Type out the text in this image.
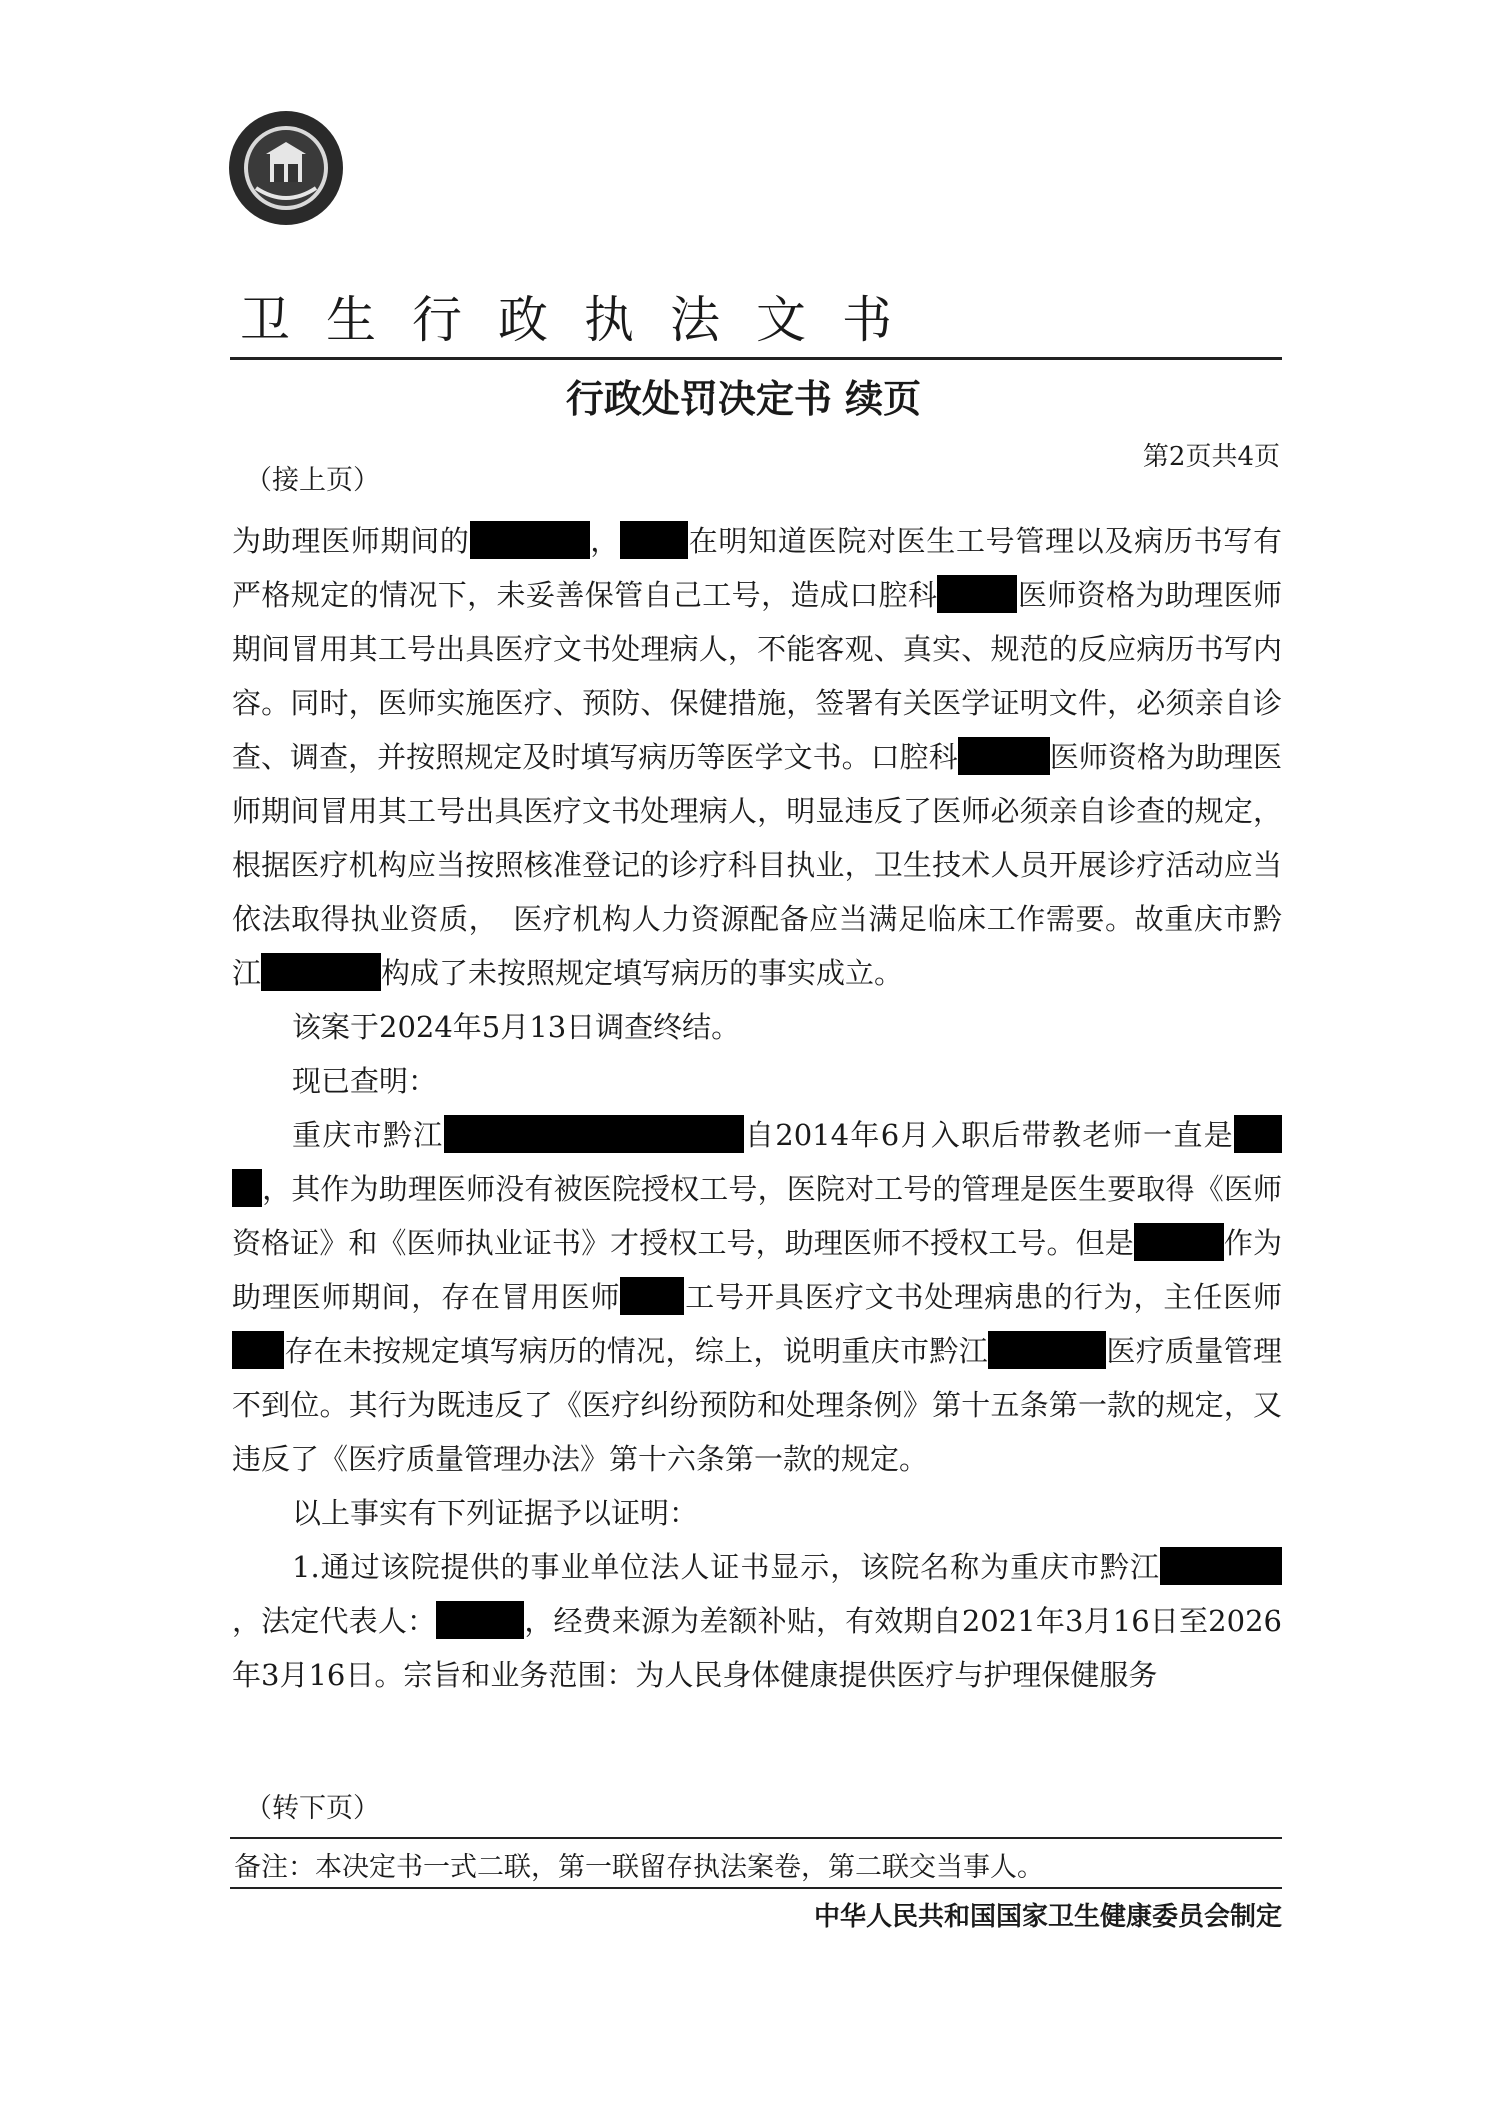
卫生行政执法文书
行政处罚决定书 续页
第2页共4页
（接上页）

为助理医师期间的	， 在明知道医院对医生工号管理以及病历书写有严格规定的情况下，未妥善保管自己工号，造成口腔科	医师资格为助理医师期间冒用其工号出具医疗文书处理病人，不能客观、真实、规范的反应病历书写内容。同时，医师实施医疗、预防、保健措施，签署有关医学证明文件，必须亲自诊查、调查，并按照规定及时填写病历等医学文书。口腔科	医师资格为助理医师期间冒用其工号出具医疗文书处理病人，明显违反了医师必须亲自诊查的规定，根据医疗机构应当按照核准登记的诊疗科目执业，卫生技术人员开展诊疗活动应当依法取得执业资质，　医疗机构人力资源配备应当满足临床工作需要。故重庆市黔江	构成了未按照规定填写病历的事实成立。

该案于2024年5月13日调查终结。

现已查明：

重庆市黔江	自2014年6月入职后带教老师一直是，其作为助理医师没有被医院授权工号，医院对工号的管理是医生要取得《医师资格证》和《医师执业证书》才授权工号，助理医师不授权工号。但是	作为助理医师期间，存在冒用医师 工号开具医疗文书处理病患的行为，主任医师存在未按规定填写病历的情况，综上，说明重庆市黔江	医疗质量管理不到位。其行为既违反了《医疗纠纷预防和处理条例》第十五条第一款的规定，又违反了《医疗质量管理办法》第十六条第一款的规定。

以上事实有下列证据予以证明：

1.通过该院提供的事业单位法人证书显示，该院名称为重庆市黔江，法定代表人：	，经费来源为差额补贴，有效期自2021年3月16日至2026年3月16日。宗旨和业务范围：为人民身体健康提供医疗与护理保健服务

（转下页）
备注：本决定书一式二联，第一联留存执法案卷，第二联交当事人。
中华人民共和国国家卫生健康委员会制定
